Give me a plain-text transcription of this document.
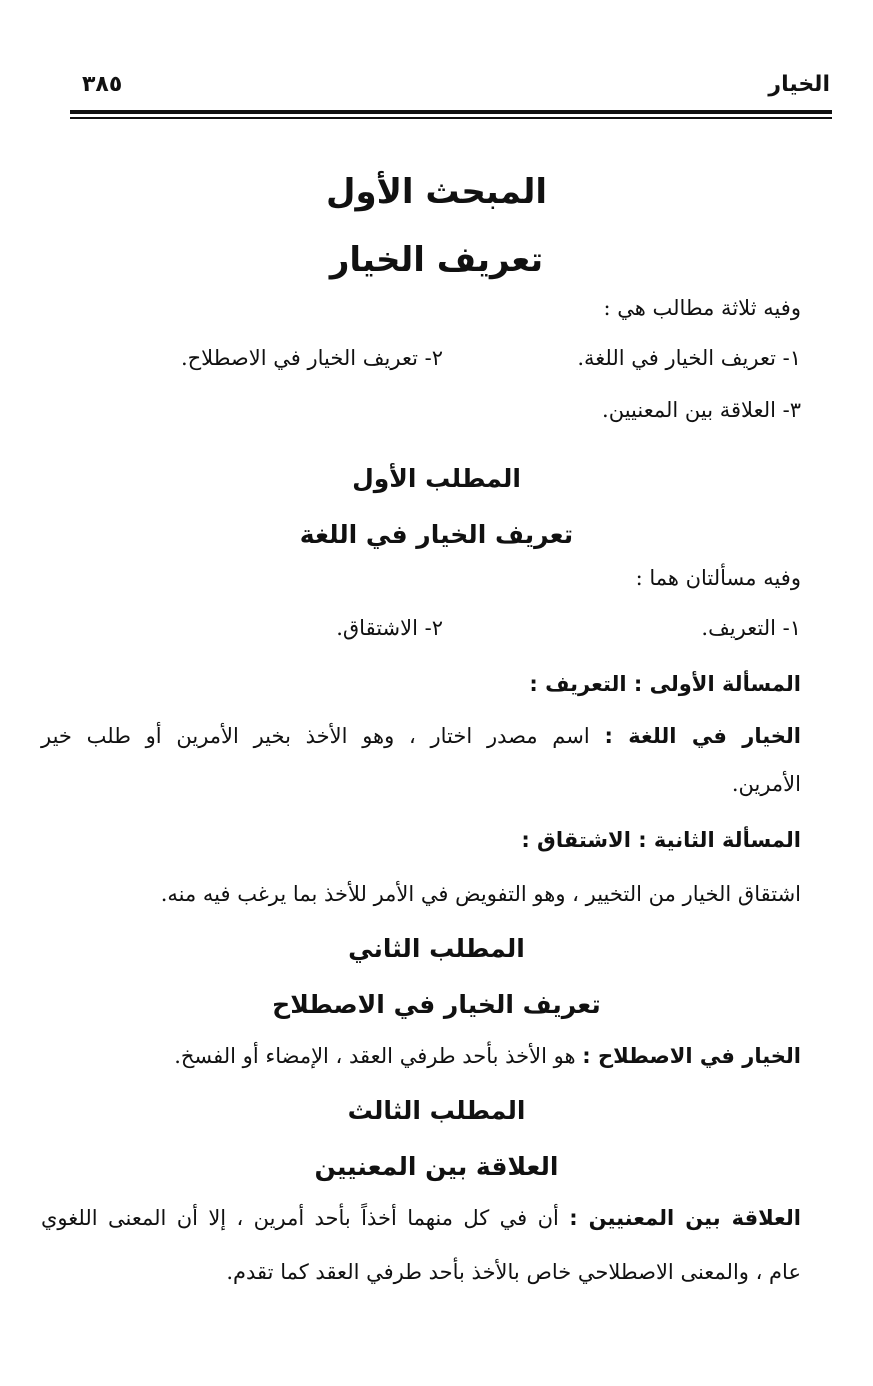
الخيار
٣٨٥
المبحث الأول
تعريف الخيار
وفيه ثلاثة مطالب هي :
١- تعريف الخيار في اللغة.
٢- تعريف الخيار في الاصطلاح.
٣- العلاقة بين المعنيين.
المطلب الأول
تعريف الخيار في اللغة
وفيه مسألتان هما :
١- التعريف.
٢- الاشتقاق.
المسألة الأولى : التعريف :
الخيار في اللغة : اسم مصدر اختار ، وهو الأخذ بخير الأمرين أو طلب خير
الأمرين.
المسألة الثانية : الاشتقاق :
اشتقاق الخيار من التخيير ، وهو التفويض في الأمر للأخذ بما يرغب فيه منه.
المطلب الثاني
تعريف الخيار في الاصطلاح
الخيار في الاصطلاح : هو الأخذ بأحد طرفي العقد ، الإمضاء أو الفسخ.
المطلب الثالث
العلاقة بين المعنيين
العلاقة بين المعنيين : أن في كل منهما أخذاً بأحد أمرين ، إلا أن المعنى اللغوي
عام ، والمعنى الاصطلاحي خاص بالأخذ بأحد طرفي العقد كما تقدم.
